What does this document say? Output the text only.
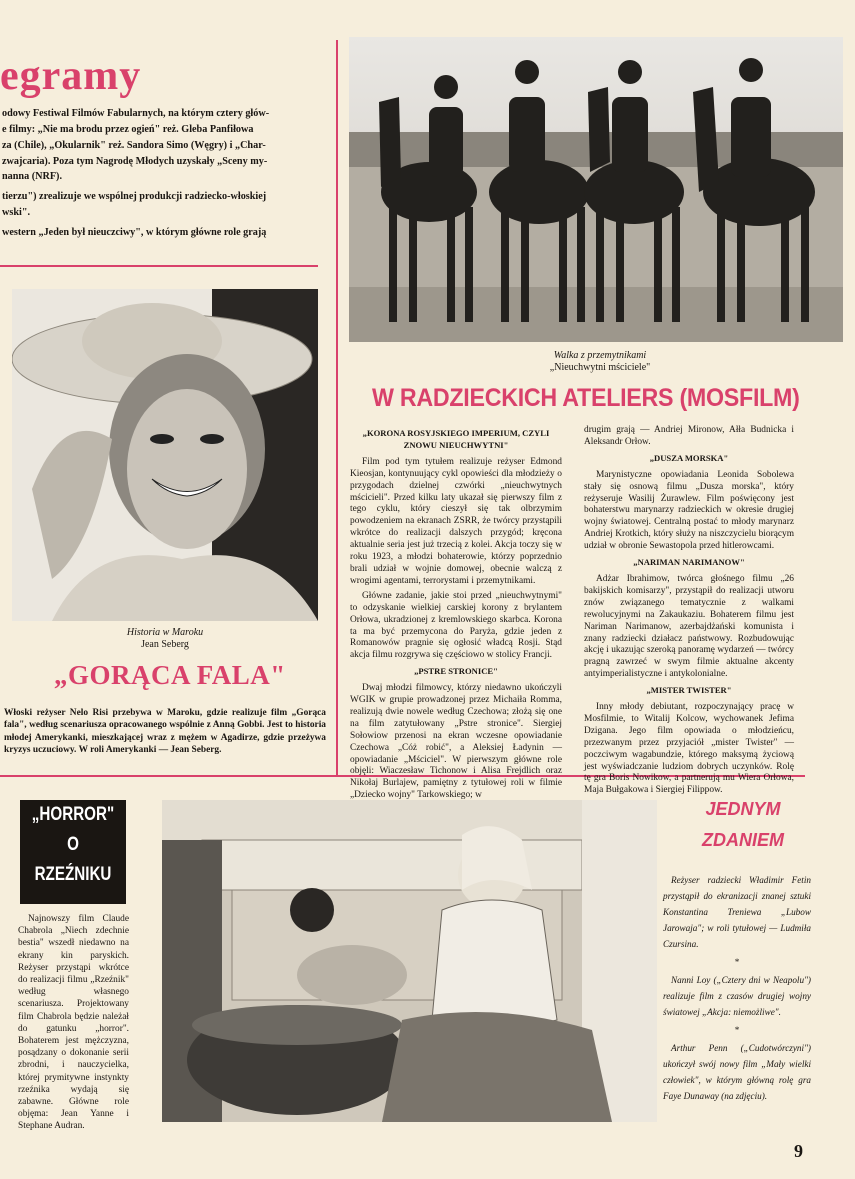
egramy
odowy Festiwal Filmów Fabularnych, na którym cztery głów-
e filmy: „Nie ma brodu przez ogień" reż. Gleba Panfiłowa
za (Chile), „Okularnik" reż. Sandora Simo (Węgry) i „Char-
zwajcaria). Poza tym Nagrodę Młodych uzyskały „Sceny my-
nanna (NRF).
tierzu") zrealizuje we wspólnej produkcji radziecko-włoskiej
wski".
western „Jeden był nieuczciwy", w którym główne role grają
Walka z przemytnikami
„Nieuchwytni mściciele"
Historia w Maroku
Jean Seberg
W RADZIECKICH ATELIERS (MOSFILM)
„KORONA ROSYJSKIEGO IMPERIUM, CZYLI ZNOWU NIEUCHWYTNI"

Film pod tym tytułem realizuje reżyser Edmond Kieosjan, kontynuujący cykl opowieści dla młodzieży o przygodach dzielnej czwórki „nieuchwytnych mścicieli". Przed kilku laty ukazał się pierwszy film z tego cyklu, który cieszył się tak olbrzymim powodzeniem na ekranach ZSRR, że twórcy przystąpili wkrótce do realizacji dalszych przygód; kręcona aktualnie seria jest już trzecią z kolei. Akcja toczy się w roku 1923, a młodzi bohaterowie, którzy poprzednio brali udział w wojnie domowej, obecnie walczą z wrogimi agentami, terrorystami i przemytnikami.

Główne zadanie, jakie stoi przed „nieuchwytnymi" to odzyskanie wielkiej carskiej korony z brylantem Orłowa, ukradzionej z kremlowskiego skarbca. Korona ta ma być przemycona do Paryża, gdzie jeden z Romanowów pragnie się ogłosić władcą Rosji. Stąd akcja filmu rozgrywa się częściowo w stolicy Francji.

„PSTRE STRONICE"

Dwaj młodzi filmowcy, którzy niedawno ukończyli WGIK w grupie prowadzonej przez Michaiła Romma, realizują dwie nowele według Czechowa; złożą się one na film zatytułowany „Pstre stronice". Siergiej Sołowiow przenosi na ekran wczesne opowiadanie Czechowa „Cóż robić", a Aleksiej Ładynin — opowiadanie „Mściciel". W pierwszym główne role objęli: Wiaczesław Tichonow i Alisa Frejdlich oraz Nikołaj Burlajew, pamiętny z tytułowej roli w filmie „Dziecko wojny" Tarkowskiego; w

drugim grają — Andriej Mironow, Ałła Budnicka i Aleksandr Orłow.

„DUSZA MORSKA"

Marynistyczne opowiadania Leonida Sobolewa stały się osnową filmu „Dusza morska", który reżyseruje Wasilij Żurawlew. Film poświęcony jest bohaterstwu marynarzy radzieckich w okresie drugiej wojny światowej. Centralną postać to młody marynarz Andriej Krotkich, który służy na niszczycielu biorącym udział w obronie Sewastopola przed hitlerowcami.

„NARIMAN NARIMANOW"

Adżar Ibrahimow, twórca głośnego filmu „26 bakijskich komisarzy", przystąpił do realizacji utworu znów związanego tematycznie z walkami rewolucyjnymi na Zakaukaziu. Bohaterem filmu jest Nariman Narimanow, azerbajdżański komunista i znany radziecki działacz państwowy. Rozbudowując akcję i ukazując szeroką panoramę wydarzeń — twórcy pragną zawrzeć w swym filmie aktualne akcenty antyimperialistyczne i antykolonialne.

„MISTER TWISTER"

Inny młody debiutant, rozpoczynający pracę w Mosfilmie, to Witalij Kolcow, wychowanek Jefima Dzigana. Jego film opowiada o młodzieńcu, przezwanym przez przyjaciół „mister Twister" — poczciwym wagabundzie, którego maksymą życiową jest wyświadczanie ludziom dobrych uczynków. Rolę tę gra Boris Nowikow, a partnerują mu Wiera Orłowa, Maja Bułgakowa i Siergiej Filippow.

„GORĄCA FALA"
Włoski reżyser Nelo Risi przebywa w Maroku, gdzie realizuje film „Gorąca fala", według scenariusza opracowanego wspólnie z Anną Gobbi. Jest to historia młodej Amerykanki, mieszkającej wraz z mężem w Agadirze, gdzie przeżywa kryzys uczuciowy. W roli Amerykanki — Jean Seberg.
„HORROR"
O
RZEŹNIKU

Najnowszy film Claude Chabrola „Niech zdechnie bestia" wszedł niedawno na ekrany kin paryskich. Reżyser przystąpi wkrótce do realizacji filmu „Rzeźnik" według własnego scenariusza. Projektowany film Chabrola będzie należał do gatunku „horror". Bohaterem jest mężczyzna, posądzany o dokonanie serii zbrodni, i nauczycielka, której prymitywne instynkty rzeźnika wydają się zabawne. Główne role objęma: Jean Yanne i Stephane Audran.

JEDNYM
ZDANIEM

Reżyser radziecki Władimir Fetin przystąpił do ekranizacji znanej sztuki Konstantina Treniewa „Lubow Jarowaja"; w roli tytułowej — Ludmiła Czursina.

*

Nanni Loy („Cztery dni w Neapolu") realizuje film z czasów drugiej wojny światowej „Akcja: niemożliwe".

*

Arthur Penn („Cudotwórczyni") ukończył swój nowy film „Mały wielki człowiek", w którym główną rolę gra Faye Dunaway (na zdjęciu).

9
